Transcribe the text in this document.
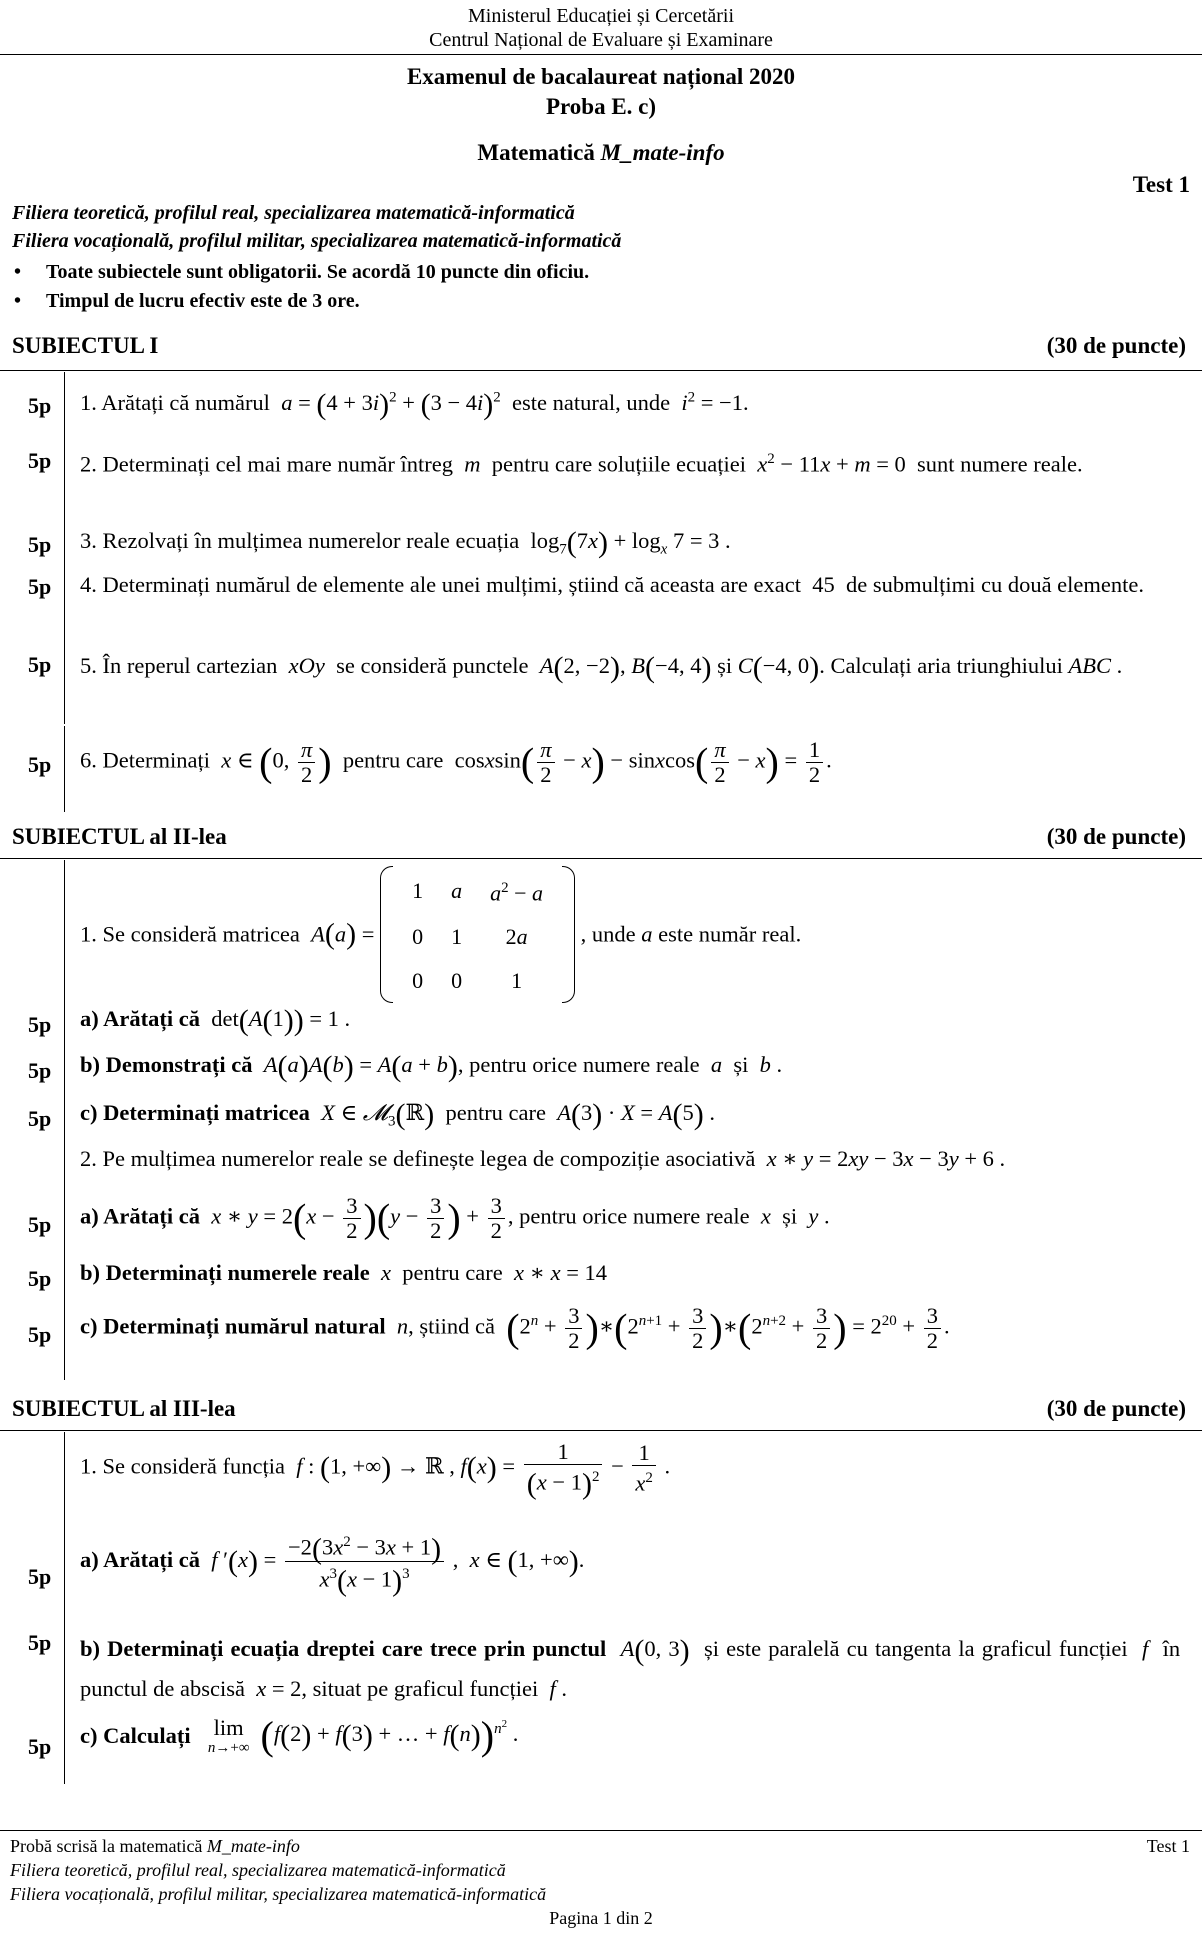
Ministerul Educației și Cercetării
Centrul Național de Evaluare și Examinare
Examenul de bacalaureat național 2020
Proba E. c)
Matematică M_mate-info
Test 1
Filiera teoretică, profilul real, specializarea matematică-informatică
Filiera vocațională, profilul militar, specializarea matematică-informatică
• Toate subiectele sunt obligatorii. Se acordă 10 puncte din oficiu.
• Timpul de lucru efectiv este de 3 ore.
SUBIECTUL I	(30 de puncte)
5p 1. Arătați că numărul $a = (4 + 3i)^2 + (3 - 4i)^2$ este natural, unde $i^2 = -1$.
5p 2. Determinați cel mai mare număr întreg m pentru care soluțiile ecuației $x^2 - 11x + m = 0$  sunt numere reale.
5p 3. Rezolvați în mulțimea numerelor reale ecuația  $\log_7(7x) + \log_x 7 = 3$ .
5p 4. Determinați numărul de elemente ale unei mulțimi, știind că aceasta are exact 45 de submulțimi cu două elemente.
5p 5. În reperul cartezian xOy se consideră punctele A(2, −2), B(−4, 4) și C(−4, 0). Calculați aria triunghiului ABC .
5p 6. Determinați x ∈ (0, $\frac{\pi}{2}$ ) pentru care  cosxsin( $\frac{\pi}{2} - x$) − sinxcos( $\frac{\pi}{2} - x) = \frac{1}{2}$ .
SUBIECTUL al II-lea	(30 de puncte)
1. Se consideră matricea A(a) =
1	a	$a^2 - a$
0	1	2a
0	0	1
, unde a este număr real.
5p a) Arătați că  det(A(1)) = 1 .
5p b) Demonstrați că A(a)A(b) = A(a + b), pentru orice numere reale a  și  b .
5p c) Determinați matricea X ∈ 𝓜$_3$(ℝ) pentru care A(3) · X = A(5) .
2. Pe mulțimea numerelor reale se definește legea de compoziție asociativă x ∗ y = 2xy − 3x − 3y + 6 .
5p a) Arătați că x ∗ $y = 2(x - \frac{3}{2} )(y - \frac{3}{2}$ ) + $\frac{3}{2}$ , pentru orice numere reale x  și  y .
5p b) Determinați numerele reale x pentru care x ∗ x = 14
5p c) Determinați numărul natural n, știind că ($2^n + \frac{3}{2}$ )$∗(2^{n+1} + \frac{3}{2}$ )$∗(2^{n+2} + \frac{3}{2}$ ) = $2^{20} + \frac{3}{2}$ .
SUBIECTUL al III-lea	(30 de puncte)
1. Se consideră funcția f : (1, +∞) → ℝ , $f(x) = \frac{1}{(x - 1)^2} - \frac{1}{x^2}$ .
5p
a) Arătați că f $'(x) = \frac{-2(3x^2 - 3x + 1)}{x^3(x - 1)^3}$ ,  x ∈ (1, +∞).
5p b) Determinați ecuația dreptei care trece prin punctul A(0, 3) și este paralelă cu tangenta la graficul funcției f în punctul de abscisă x = 2, situat pe graficul funcției f .
5p c) Calculați	lim
n→+∞ (f(2) + f(3) + … + f(n))$^{n^2}$ .
Probă scrisă la matematică M_mate-info	Test 1
Filiera teoretică, profilul real, specializarea matematică-informatică
Filiera vocațională, profilul militar, specializarea matematică-informatică
Pagina 1 din 2
